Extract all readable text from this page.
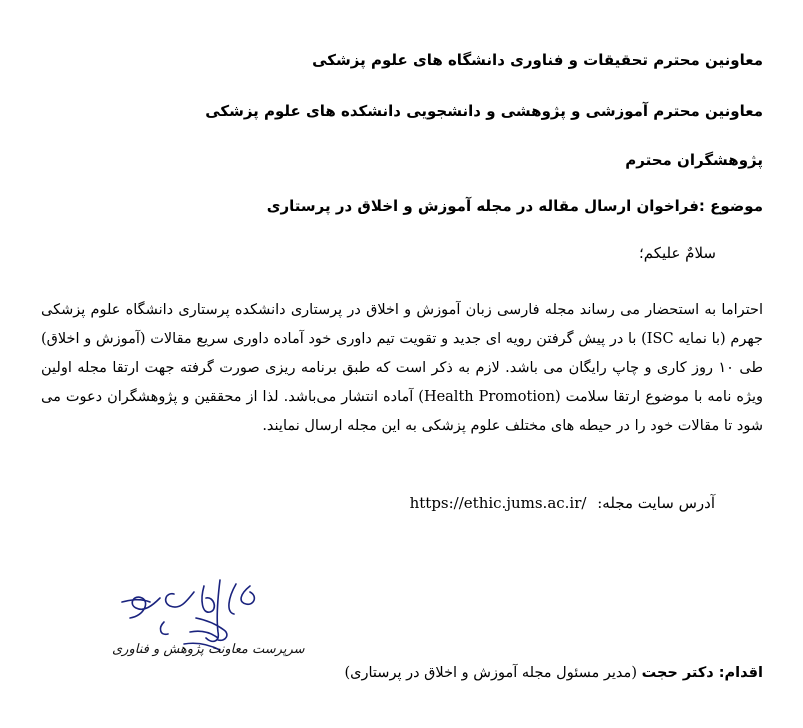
معاونین محترم تحقیقات و فناوری دانشگاه های علوم پزشکی
معاونین محترم آموزشی و پژوهشی و دانشجویی دانشکده های علوم پزشکی
پژوهشگران محترم
موضوع :فراخوان ارسال مقاله در مجله آموزش و اخلاق در پرستاری
سلامٌ علیکم؛
احتراما به استحضار می رساند مجله فارسی زبان آموزش و اخلاق در پرستاری دانشکده پرستاری دانشگاه علوم پزشکی جهرم (با نمایه ISC) با در پیش گرفتن رویه ای جدید و تقویت تیم داوری خود آماده داوری سریع مقالات (آموزش و اخلاق) طی ۱۰ روز کاری و چاپ رایگان می باشد. لازم به ذکر است که طبق برنامه ریزی صورت گرفته جهت ارتقا مجله اولین ویژه نامه با موضوع ارتقا سلامت (Health Promotion) آماده انتشار می‌باشد. لذا از محققین و پژوهشگران دعوت می شود تا مقالات خود را در حیطه های مختلف علوم پزشکی به این مجله ارسال نمایند.
آدرس سایت مجله: https://ethic.jums.ac.ir/
سرپرست معاونت پژوهش و فناوری
اقدام: دکتر حجت (مدیر مسئول مجله آموزش و اخلاق در پرستاری)
